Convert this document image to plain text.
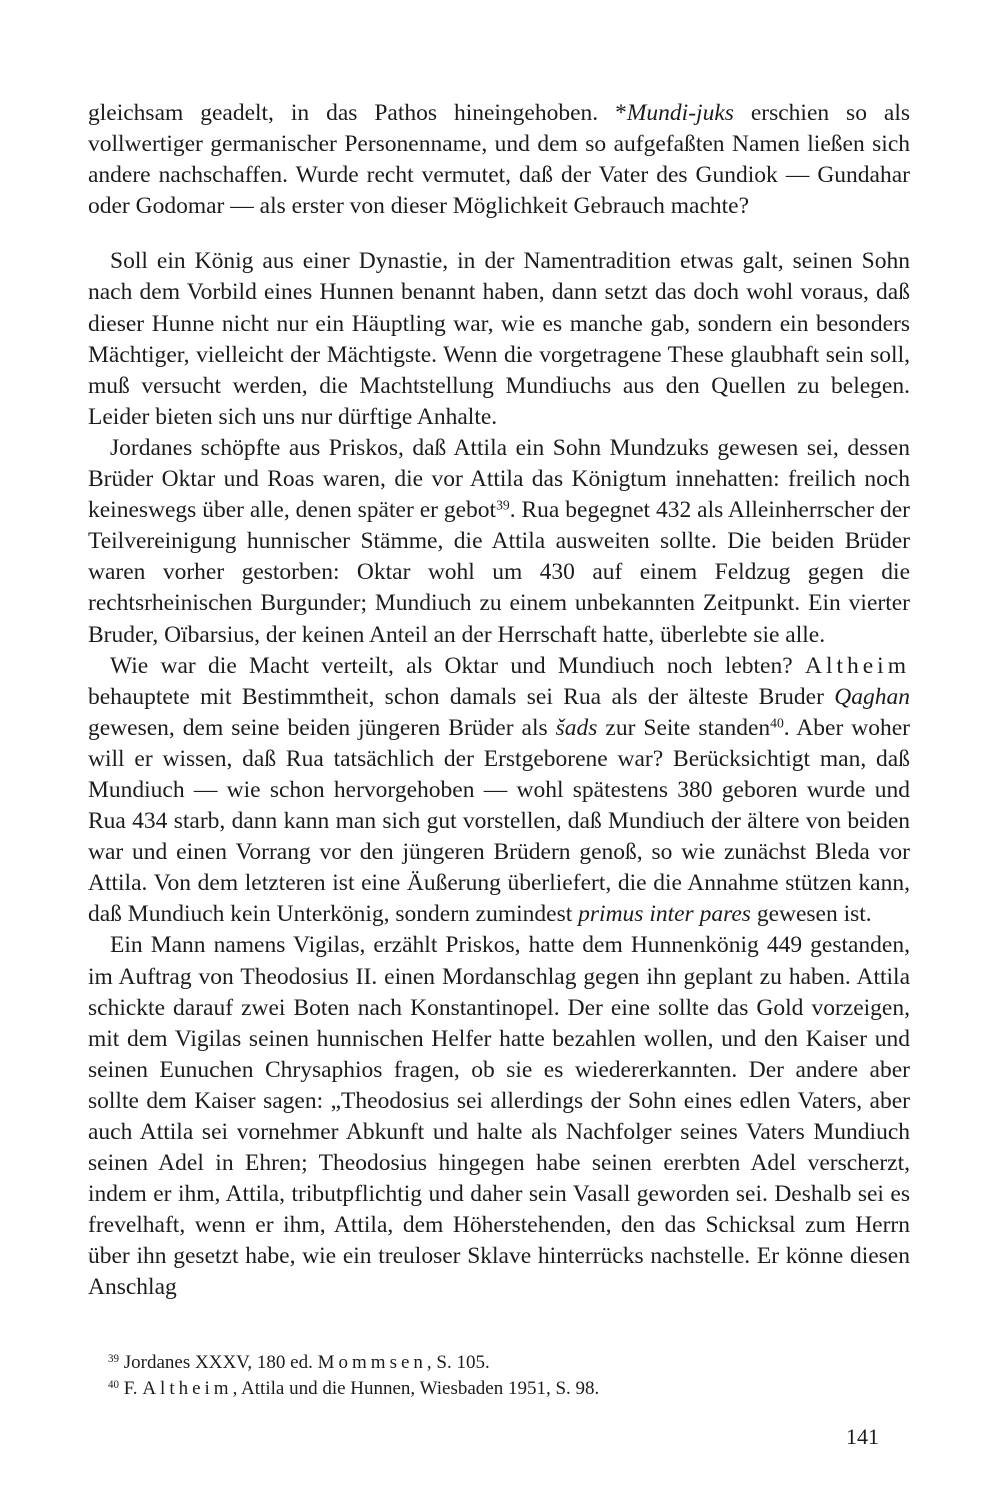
gleichsam geadelt, in das Pathos hineingehoben. *Mundi-juks erschien so als vollwertiger germanischer Personenname, und dem so aufgefaßten Namen ließen sich andere nachschaffen. Wurde recht vermutet, daß der Vater des Gundiok — Gundahar oder Godomar — als erster von dieser Möglichkeit Gebrauch machte?

Soll ein König aus einer Dynastie, in der Namentradition etwas galt, seinen Sohn nach dem Vorbild eines Hunnen benannt haben, dann setzt das doch wohl voraus, daß dieser Hunne nicht nur ein Häuptling war, wie es manche gab, sondern ein besonders Mächtiger, vielleicht der Mächtigste. Wenn die vorgetragene These glaubhaft sein soll, muß versucht werden, die Machtstellung Mundiuchs aus den Quellen zu belegen. Leider bieten sich uns nur dürftige Anhalte.

Jordanes schöpfte aus Priskos, daß Attila ein Sohn Mundzuks gewesen sei, dessen Brüder Oktar und Roas waren, die vor Attila das Königtum innehatten: freilich noch keineswegs über alle, denen später er gebot$^{39}$. Rua begegnet 432 als Alleinherrscher der Teilvereinigung hunnischer Stämme, die Attila ausweiten sollte. Die beiden Brüder waren vorher gestorben: Oktar wohl um 430 auf einem Feldzug gegen die rechtsrheinischen Burgunder; Mundiuch zu einem unbekannten Zeitpunkt. Ein vierter Bruder, Oïbarsius, der keinen Anteil an der Herrschaft hatte, überlebte sie alle.

Wie war die Macht verteilt, als Oktar und Mundiuch noch lebten? Altheim behauptete mit Bestimmtheit, schon damals sei Rua als der älteste Bruder Qaghan gewesen, dem seine beiden jüngeren Brüder als šads zur Seite standen$^{40}$. Aber woher will er wissen, daß Rua tatsächlich der Erstgeborene war? Berücksichtigt man, daß Mundiuch — wie schon hervorgehoben — wohl spätestens 380 geboren wurde und Rua 434 starb, dann kann man sich gut vorstellen, daß Mundiuch der ältere von beiden war und einen Vorrang vor den jüngeren Brüdern genoß, so wie zunächst Bleda vor Attila. Von dem letzteren ist eine Äußerung überliefert, die die Annahme stützen kann, daß Mundiuch kein Unterkönig, sondern zumindest primus inter pares gewesen ist.

Ein Mann namens Vigilas, erzählt Priskos, hatte dem Hunnenkönig 449 gestanden, im Auftrag von Theodosius II. einen Mordanschlag gegen ihn geplant zu haben. Attila schickte darauf zwei Boten nach Konstantinopel. Der eine sollte das Gold vorzeigen, mit dem Vigilas seinen hunnischen Helfer hatte bezahlen wollen, und den Kaiser und seinen Eunuchen Chrysaphios fragen, ob sie es wiedererkannten. Der andere aber sollte dem Kaiser sagen: „Theodosius sei allerdings der Sohn eines edlen Vaters, aber auch Attila sei vornehmer Abkunft und halte als Nachfolger seines Vaters Mundiuch seinen Adel in Ehren; Theodosius hingegen habe seinen ererbten Adel verscherzt, indem er ihm, Attila, tributpflichtig und daher sein Vasall geworden sei. Deshalb sei es frevelhaft, wenn er ihm, Attila, dem Höherstehenden, den das Schicksal zum Herrn über ihn gesetzt habe, wie ein treuloser Sklave hinterrücks nachstelle. Er könne diesen Anschlag

$^{39}$ Jordanes XXXV, 180 ed. Mommsen, S. 105.

$^{40}$ F. Altheim, Attila und die Hunnen, Wiesbaden 1951, S. 98.

141
